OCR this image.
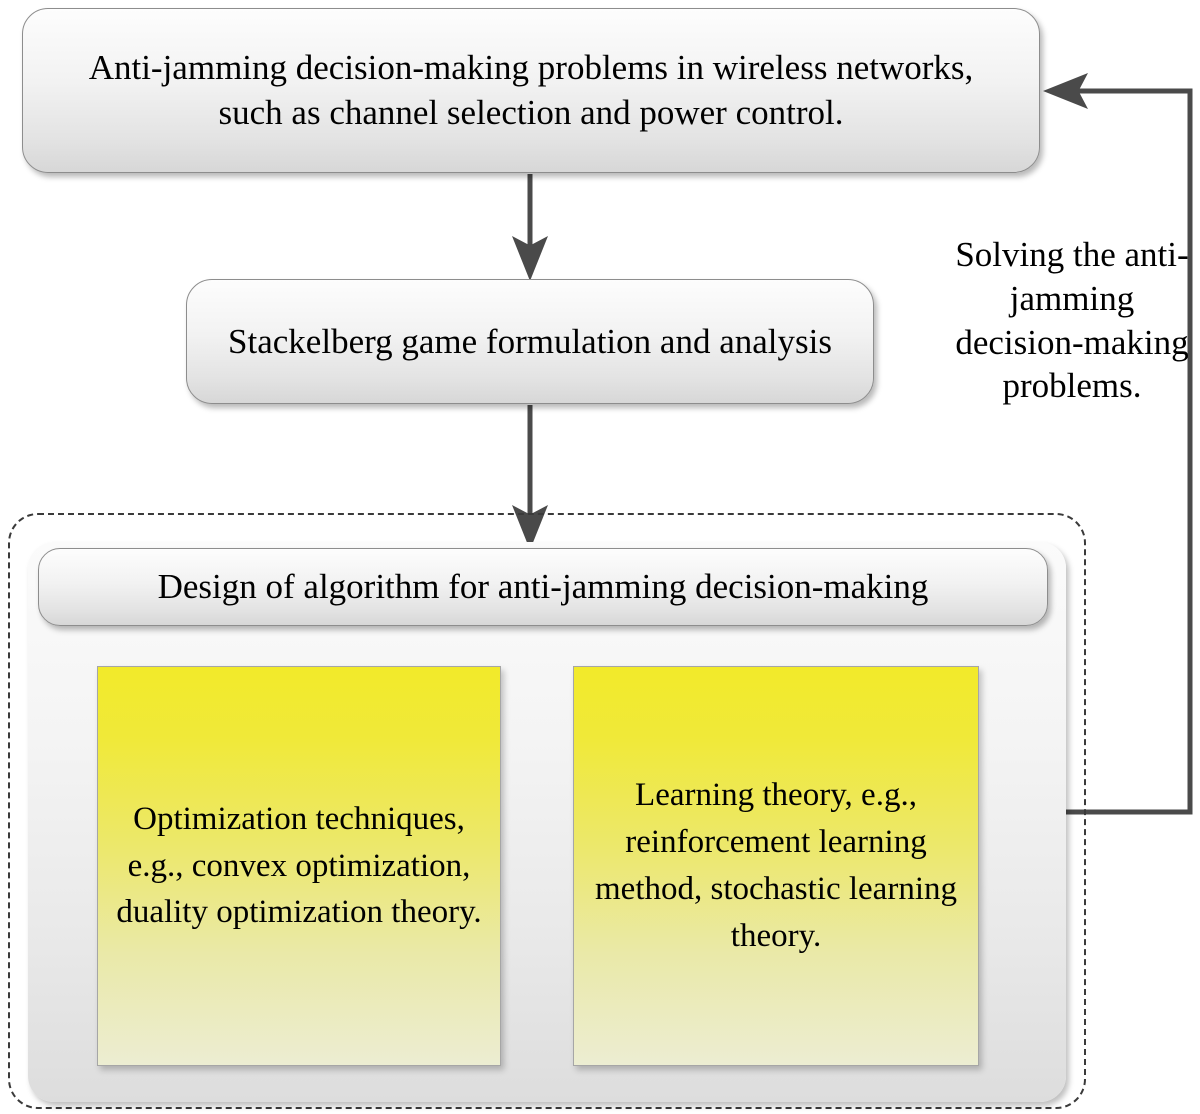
Anti-jamming decision-making problems in wireless networks, such as channel selection and power control.
Stackelberg game formulation and analysis
Design of algorithm for anti-jamming decision-making
Optimization techniques, e.g., convex optimization, duality optimization theory.
Learning theory, e.g., reinforcement learning method, stochastic learning theory.
Solving the anti-jamming decision-making problems.
